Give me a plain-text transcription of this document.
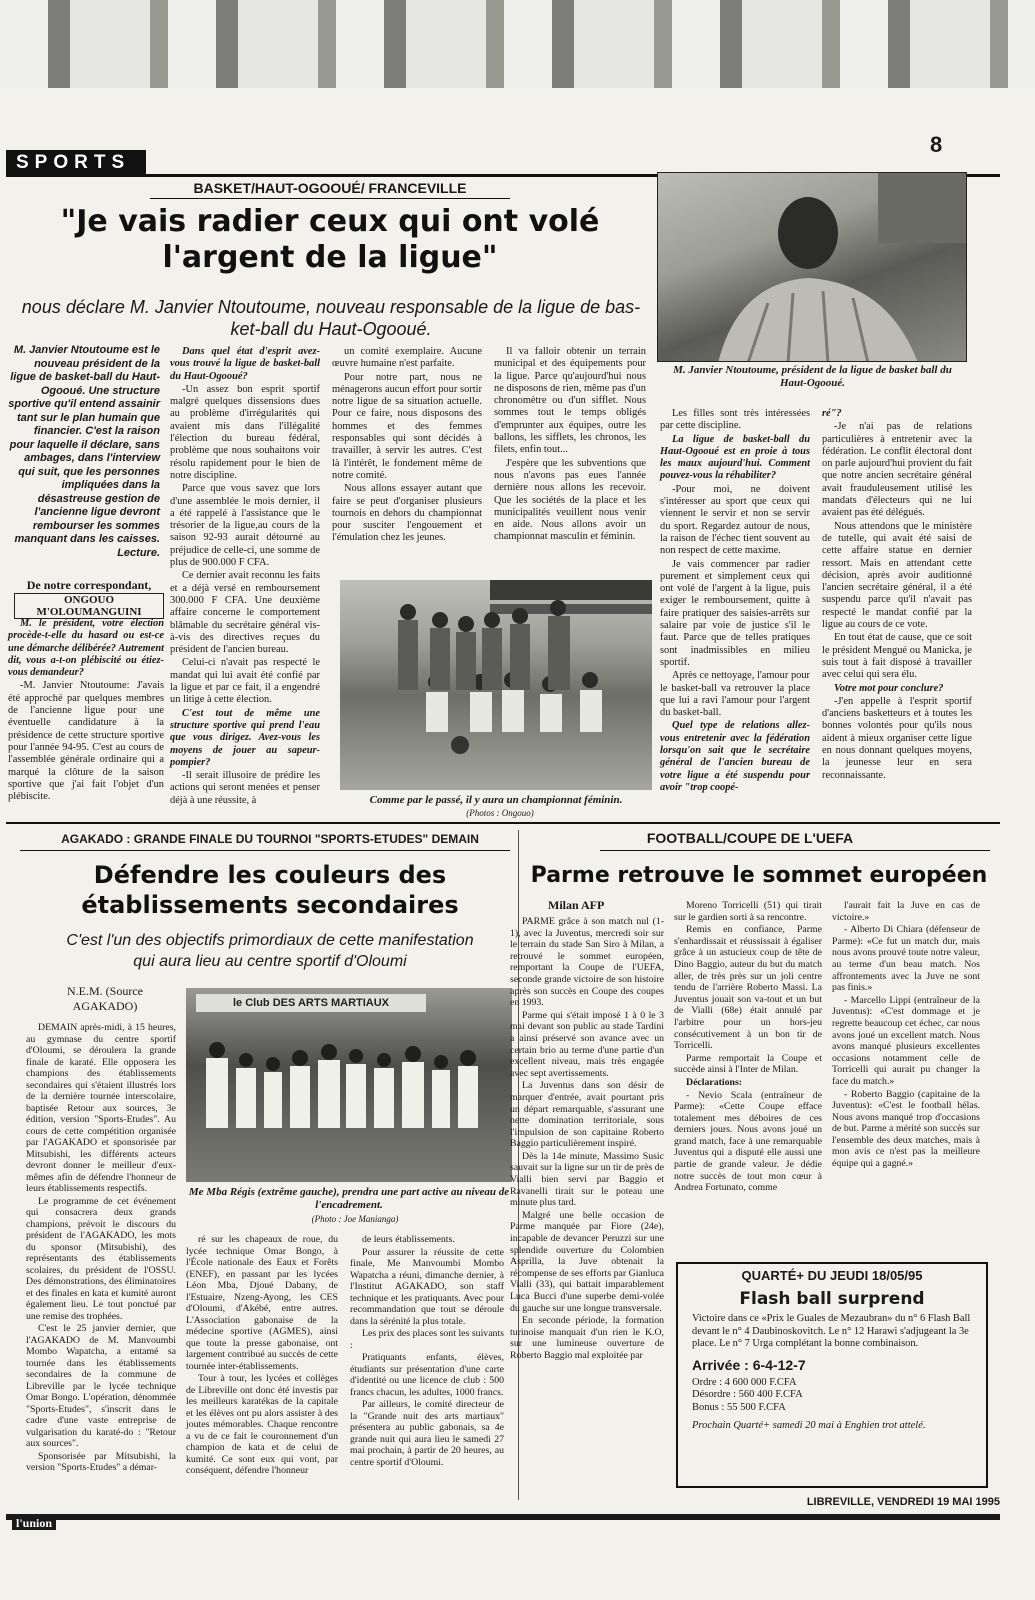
SPORTS
8
BASKET/HAUT-OGOOUÉ/ FRANCEVILLE
"Je vais radier ceux qui ont volé
l'argent de la ligue"
nous déclare M. Janvier Ntoutoume, nouveau responsable de la ligue de bas-
ket-ball du Haut-Ogooué.
M. Janvier Ntoutoume, président de la ligue de basket ball du Haut-Ogooué.
M. Janvier Ntoutoume est le nouveau président de la ligue de basket-ball du Haut-Ogooué. Une structure sportive qu'il entend assainir tant sur le plan humain que financier. C'est la raison pour laquelle il déclare, sans ambages, dans l'interview qui suit, que les personnes impliquées dans la désastreuse gestion de l'ancienne ligue devront rembourser les sommes manquant dans les caisses. Lecture.
De notre correspondant,
ONGOUO M'OLOUMANGUINI

M. le président, votre élection procède-t-elle du hasard ou est-ce une démarche délibérée? Autrement dit, vous a-t-on plébiscité ou étiez-vous demandeur?

-M. Janvier Ntoutoume: J'avais été approché par quelques membres de l'ancienne ligue pour une éventuelle candidature à la présidence de cette structure sportive pour l'année 94-95. C'est au cours de l'assemblée générale ordinaire qui a marqué la clôture de la saison sportive que j'ai fait l'objet d'un plébiscite.

Dans quel état d'esprit avez-vous trouvé la ligue de basket-ball du Haut-Ogooué?

-Un assez bon esprit sportif malgré quelques dissensions dues au problème d'irrégularités qui avaient mis dans l'illégalité l'élection du bureau fédéral, problème que nous souhaitons voir résolu rapidement pour le bien de notre discipline.

Parce que vous savez que lors d'une assemblée le mois dernier, il a été rappelé à l'assistance que le trésorier de la ligue,au cours de la saison 92-93 aurait détourné au préjudice de celle-ci, une somme de plus de 900.000 F CFA.

Ce dernier avait reconnu les faits et a déjà versé en remboursement 300.000 F CFA. Une deuxième affaire concerne le comportement blâmable du secrétaire général vis-à-vis des directives reçues du président de l'ancien bureau.

Celui-ci n'avait pas respecté le mandat qui lui avait été confié par la ligue et par ce fait, il a engendré un litige à cette élection.

C'est tout de même une structure sportive qui prend l'eau que vous dirigez. Avez-vous les moyens de jouer au sapeur-pompier?

-Il serait illusoire de prédire les actions qui seront menées et penser déjà à une réussite, à

un comité exemplaire. Aucune œuvre humaine n'est parfaite.

Pour notre part, nous ne ménagerons aucun effort pour sortir notre ligue de sa situation actuelle. Pour ce faire, nous disposons des hommes et des femmes responsables qui sont décidés à travailler, à servir les autres. C'est là l'intérêt, le fondement même de notre comité.

Nous allons essayer autant que faire se peut d'organiser plusieurs tournois en dehors du championnat pour susciter l'engouement et l'émulation chez les jeunes.

Il va falloir obtenir un terrain municipal et des équipements pour la ligue. Parce qu'aujourd'hui nous ne disposons de rien, même pas d'un chronomètre ou d'un sifflet. Nous sommes tout le temps obligés d'emprunter aux équipes, outre les ballons, les sifflets, les chronos, les filets, enfin tout...

J'espère que les subventions que nous n'avons pas eues l'année dernière nous allons les recevoir. Que les sociétés de la place et les municipalités veuillent nous venir en aide. Nous allons avoir un championnat masculin et féminin.

Comme par le passé, il y aura un championnat féminin.
(Photos : Ongouo)

Les filles sont très intéressées par cette discipline.

La ligue de basket-ball du Haut-Ogooué est en proie à tous les maux aujourd'hui. Comment pouvez-vous la réhabiliter?

-Pour moi, ne doivent s'intéresser au sport que ceux qui viennent le servir et non se servir du sport. Regardez autour de nous, la raison de l'échec tient souvent au non respect de cette maxime.

Je vais commencer par radier purement et simplement ceux qui ont volé de l'argent à la ligue, puis exiger le remboursement, quitte à faire pratiquer des saisies-arrêts sur salaire par voie de justice s'il le faut. Parce que de telles pratiques sont inadmissibles en milieu sportif.

Après ce nettoyage, l'amour pour le basket-ball va retrouver la place que lui a ravi l'amour pour l'argent du basket-ball.

Quel type de relations allez-vous entretenir avec la fédération lorsqu'on sait que le secrétaire général de l'ancien bureau de votre ligue a été suspendu pour avoir "trop coopé-

ré"?

-Je n'ai pas de relations particulières à entretenir avec la fédération. Le conflit électoral dont on parle aujourd'hui provient du fait que notre ancien secrétaire général avait frauduleusement utilisé les mandats d'électeurs qui ne lui avaient pas été délégués.

Nous attendons que le ministère de tutelle, qui avait été saisi de cette affaire statue en dernier ressort. Mais en attendant cette décision, après avoir auditionné l'ancien secrétaire général, il a été suspendu parce qu'il n'avait pas respecté le mandat confié par la ligue au cours de ce vote.

En tout état de cause, que ce soit le président Mengué ou Manicka, je suis tout à fait disposé à travailler avec celui qui sera élu.

Votre mot pour conclure?

-J'en appelle à l'esprit sportif d'anciens basketteurs et à toutes les bonnes volontés pour qu'ils nous aident à mieux organiser cette ligue en nous donnant quelques moyens, la jeunesse leur en sera reconnaissante.

AGAKADO : GRANDE FINALE DU TOURNOI "SPORTS-ETUDES" DEMAIN
Défendre les couleurs des
établissements secondaires
C'est l'un des objectifs primordiaux de cette manifestation
qui aura lieu au centre sportif d'Oloumi
N.E.M. (Source AGAKADO)	le Club DES ARTS MARTIAUX
Me Mba Régis (extrême gauche), prendra une part active au niveau de l'encadrement.
(Photo : Joe Manianga)

DEMAIN après-midi, à 15 heures, au gymnase du centre sportif d'Oloumi, se déroulera la grande finale de karaté. Elle opposera les champions des établissements secondaires qui s'étaient illustrés lors de la dernière tournée interscolaire, baptisée Retour aux sources, 3e édition, version "Sports-Etudes". Au cours de cette compétition organisée par l'AGAKADO et sponsorisée par Mitsubishi, les différents acteurs devront donner le meilleur d'eux-mêmes afin de défendre l'honneur de leurs établissements respectifs.

Le programme de cet événement qui consacrera deux grands champions, prévoit le discours du président de l'AGAKADO, les mots du sponsor (Mitsubishi), des représentants des établissements scolaires, du président de l'OSSU. Des démonstrations, des éliminatoires et des finales en kata et kumité auront également lieu. Le tout ponctué par une remise des trophées.

C'est le 25 janvier dernier, que l'AGAKADO de M. Manvoumbi Mombo Wapatcha, a entamé sa tournée dans les établissements secondaires de la commune de Libreville par le lycée technique Omar Bongo. L'opération, dénommée "Sports-Etudes", s'inscrit dans le cadre d'une vaste entreprise de vulgarisation du karaté-do : "Retour aux sources".

Sponsorisée par Mitsubishi, la version "Sports-Etudes" a démar-

ré sur les chapeaux de roue, du lycée technique Omar Bongo, à l'École nationale des Eaux et Forêts (ENEF), en passant par les lycées Léon Mba, Djoué Dabany, de l'Estuaire, Nzeng-Ayong, les CES d'Oloumi, d'Akébé, entre autres. L'Association gabonaise de la médecine sportive (AGMES), ainsi que toute la presse gabonaise, ont largement contribué au succès de cette tournée inter-établissements.

Tour à tour, les lycées et collèges de Libreville ont donc été investis par les meilleurs karatékas de la capitale et les élèves ont pu alors assister à des joutes mémorables. Chaque rencontre a vu de ce fait le couronnement d'un champion de kata et de celui de kumité. Ce sont eux qui vont, par conséquent, défendre l'honneur

de leurs établissements.

Pour assurer la réussite de cette finale, Me Manvoumbi Mombo Wapatcha a réuni, dimanche dernier, à l'Institut AGAKADO, son staff technique et les pratiquants. Avec pour recommandation que tout se déroule dans la sérénité la plus totale.

Les prix des places sont les suivants :

Pratiquants enfants, élèves, étudiants sur présentation d'une carte d'identité ou une licence de club : 500 francs chacun, les adultes, 1000 francs.

Par ailleurs, le comité directeur de la "Grande nuit des arts martiaux" présentera au public gabonais, sa 4e grande nuit qui aura lieu le samedi 27 mai prochain, à partir de 20 heures, au centre sportif d'Oloumi.

FOOTBALL/COUPE DE L'UEFA
Parme retrouve le sommet européen
Milan AFP

PARME grâce à son match nul (1-1), avec la Juventus, mercredi soir sur le terrain du stade San Siro à Milan, a retrouvé le sommet européen, remportant la Coupe de l'UEFA, seconde grande victoire de son histoire après son succès en Coupe des coupes en 1993.

Parme qui s'était imposé 1 à 0 le 3 mai devant son public au stade Tardini a ainsi préservé son avance avec un certain brio au terme d'une partie d'un excellent niveau, mais très engagée avec sept avertissements.

La Juventus dans son désir de marquer d'entrée, avait pourtant pris un départ remarquable, s'assurant une nette domination territoriale, sous l'impulsion de son capitaine Roberto Baggio particulièrement inspiré.

Dès la 14e minute, Massimo Susic sauvait sur la ligne sur un tir de près de Vialli bien servi par Baggio et Ravanelli tirait sur le poteau une minute plus tard.

Malgré une belle occasion de Parme manquée par Fiore (24e), incapable de devancer Peruzzi sur une splendide ouverture du Colombien Asprilla, la Juve obtenait la récompense de ses efforts par Gianluca Vialli (33), qui battait imparablement Luca Bucci d'une superbe demi-volée du gauche sur une longue transversale.

En seconde période, la formation turinoise manquait d'un rien le K.O, sur une lumineuse ouverture de Roberto Baggio mal exploitée par

Moreno Torricelli (51) qui tirait sur le gardien sorti à sa rencontre.

Remis en confiance, Parme s'enhardissait et réussissait à égaliser grâce à un astucieux coup de tête de Dino Baggio, auteur du but du match aller, de très près sur un joli centre tendu de l'arrière Roberto Massi. La Juventus jouait son va-tout et un but de Vialli (68e) était annulé par l'arbitre pour un hors-jeu consécutivement à un bon tir de Torricelli.

Parme remportait la Coupe et succède ainsi à l'Inter de Milan.

Déclarations:

- Nevio Scala (entraîneur de Parme): «Cette Coupe efface totalement mes déboires de ces derniers jours. Nous avons joué un grand match, face à une remarquable Juventus qui a disputé elle aussi une partie de grande valeur. Je dédie notre succès de tout mon cœur à Andrea Fortunato, comme

l'aurait fait la Juve en cas de victoire.»

- Alberto Di Chiara (défenseur de Parme): «Ce fut un match dur, mais nous avons prouvé toute notre valeur, au terme d'un beau match. Nos affrontements avec la Juve ne sont pas finis.»

- Marcello Lippi (entraîneur de la Juventus): «C'est dommage et je regrette beaucoup cet échec, car nous avons joué un excellent match. Nous avons manqué plusieurs excellentes occasions notamment celle de Torricelli qui aurait pu changer la face du match.»

- Roberto Baggio (capitaine de la Juventus): «C'est le football hélas. Nous avons manqué trop d'occasions de but. Parme a mérité son succès sur l'ensemble des deux matches, mais à mon avis ce n'est pas la meilleure équipe qui a gagné.»

QUARTÉ+ DU JEUDI 18/05/95
Flash ball surprend
Victoire dans ce «Prix le Guales de Mezaubran» du n° 6 Flash Ball devant le n° 4 Daubinoskovitch. Le n° 12 Harawi s'adjugeant la 3e place. Le n° 7 Urga complétant la bonne combinaison.
Arrivée : 6-4-12-7
Ordre : 4 600 000 F.CFA
Désordre : 560 400 F.CFA
Bonus : 55 500 F.CFA
Prochain Quarté+ samedi 20 mai à Enghien trot attelé.
l'union
LIBREVILLE, VENDREDI 19 MAI 1995
